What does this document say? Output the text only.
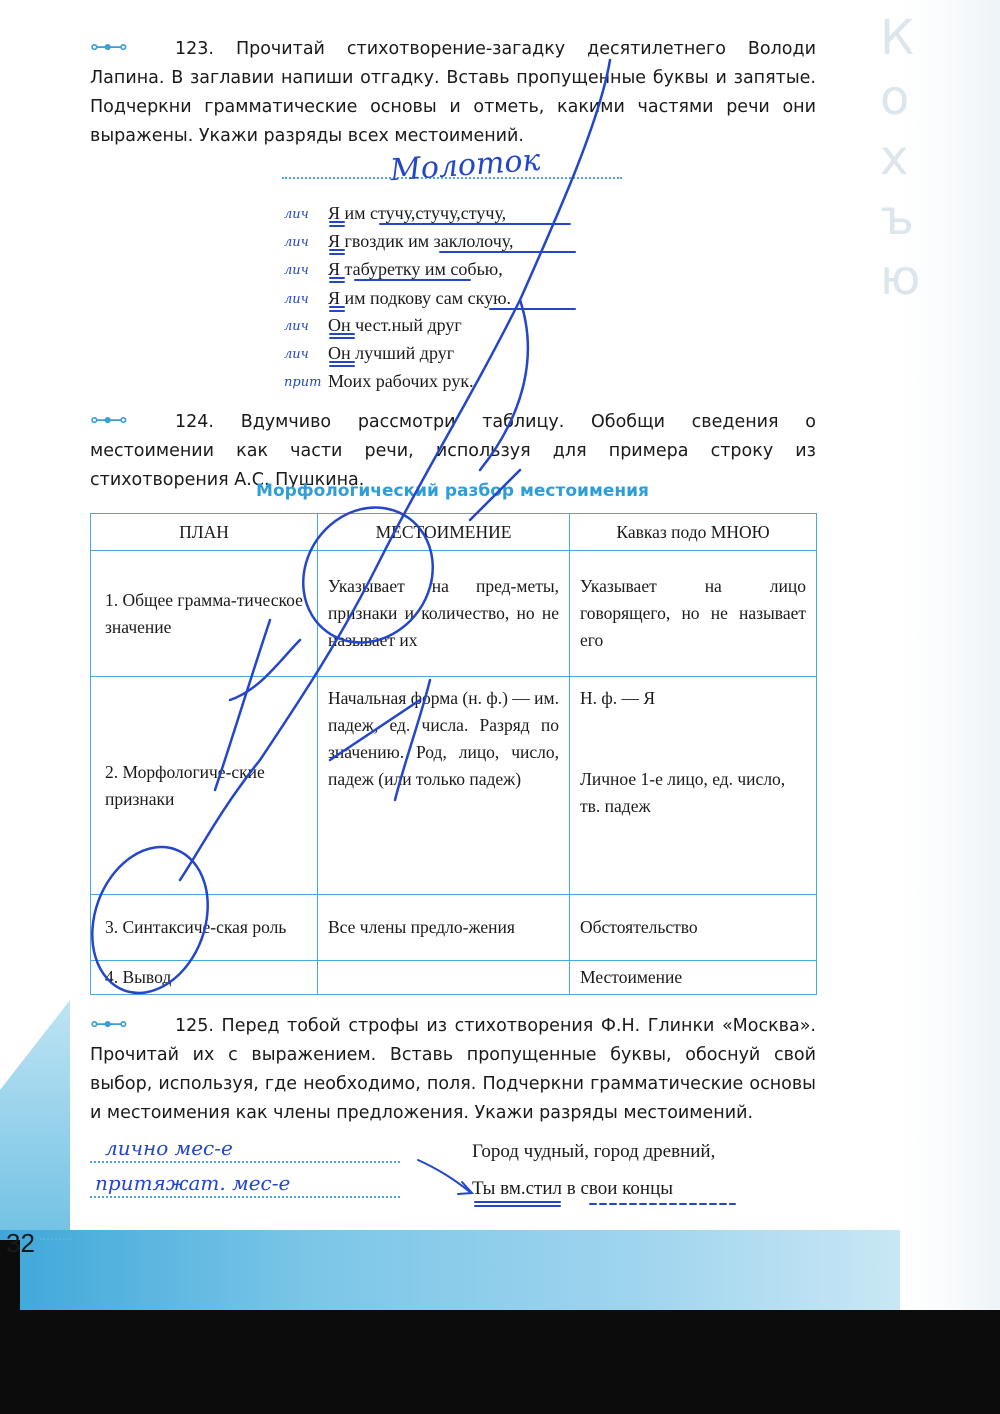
К
о
х
ъ
ю
⊶⊸	123. Прочитай стихотворение-загадку десятилетнего Володи Лапина. В заглавии напиши отгадку. Вставь пропущенные буквы и запятые. Подчеркни грамматические основы и отметь, какими частями речи они выражены. Укажи разряды всех местоимений.
Молоток
Я им стучу,стучу,стучу,
Я гвоздик им заклолочу,
Я табуретку им собью,
Я им подкову сам скую.
Он чест.ный друг
Он лучший друг
Моих рабочих рук.
лич
лич
лич
лич
лич
лич
прит
⊶⊸	124. Вдумчиво рассмотри таблицу. Обобщи сведения о местоимении как части речи, используя для примера строку из стихотворения А.С. Пушкина.
Морфологический разбор местоимения
ПЛАН	МЕСТОИМЕНИЕ	Кавказ подо МНОЮ
1. Общее грамма-тическое значение	Указывает на пред-меты, признаки и количество, но не называет их	Указывает на лицо говорящего, но не называет его
2. Морфологиче-ские признаки	Начальная форма (н. ф.) — им. падеж, ед. числа. Разряд по значению. Род, лицо, число, падеж (или только падеж)	Н. ф. — Я
Личное 1-е лицо, ед. число, тв. падеж

3. Синтаксиче-ская роль	Все члены предло-жения	Обстоятельство
4. Вывод		Местоимение
⊶⊸	125. Перед тобой строфы из стихотворения Ф.Н. Глинки «Москва». Прочитай их с выражением. Вставь пропущенные буквы, обоснуй свой выбор, используя, где необходимо, поля. Подчеркни грамматические основы и местоимения как члены предложения. Укажи разряды местоимений.
лично мес-е
притяжат. мес-е
Город чудный, город древний,
Ты вм.стил в свои концы
32
